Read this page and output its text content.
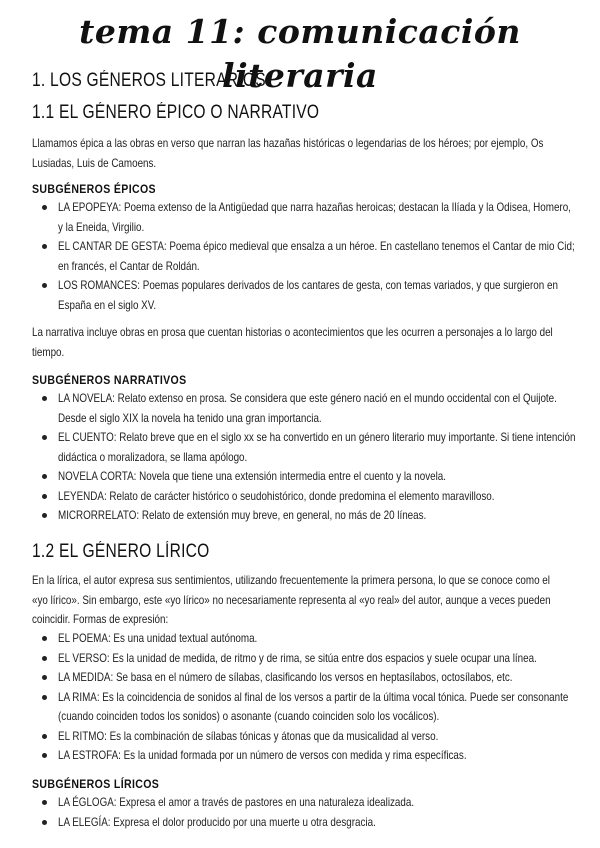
tema 11: comunicación literaria
1. LOS GÉNEROS LITERARIOS
1.1 EL GÉNERO ÉPICO O NARRATIVO
Llamamos épica a las obras en verso que narran las hazañas históricas o legendarias de los héroes; por ejemplo, Os Lusiadas, Luis de Camoens.
SUBGÉNEROS ÉPICOS
LA EPOPEYA: Poema extenso de la Antigüedad que narra hazañas heroicas; destacan la Ilíada y la Odisea, Homero, y la Eneida, Virgilio.
EL CANTAR DE GESTA: Poema épico medieval que ensalza a un héroe. En castellano tenemos el Cantar de mio Cid; en francés, el Cantar de Roldán.
LOS ROMANCES: Poemas populares derivados de los cantares de gesta, con temas variados, y que surgieron en España en el siglo XV.
La narrativa incluye obras en prosa que cuentan historias o acontecimientos que les ocurren a personajes a lo largo del tiempo.
SUBGÉNEROS NARRATIVOS
LA NOVELA: Relato extenso en prosa. Se considera que este género nació en el mundo occidental con el Quijote. Desde el siglo XIX la novela ha tenido una gran importancia.
EL CUENTO: Relato breve que en el siglo xx se ha convertido en un género literario muy importante. Si tiene intención didáctica o moralizadora, se llama apólogo.
NOVELA CORTA: Novela que tiene una extensión intermedia entre el cuento y la novela.
LEYENDA: Relato de carácter histórico o seudohistórico, donde predomina el elemento maravilloso.
MICRORRELATO: Relato de extensión muy breve, en general, no más de 20 líneas.
1.2 EL GÉNERO LÍRICO
En la lírica, el autor expresa sus sentimientos, utilizando frecuentemente la primera persona, lo que se conoce como el «yo lírico». Sin embargo, este «yo lírico» no necesariamente representa al «yo real» del autor, aunque a veces pueden coincidir. Formas de expresión:
EL POEMA: Es una unidad textual autónoma.
EL VERSO: Es la unidad de medida, de ritmo y de rima, se sitúa entre dos espacios y suele ocupar una línea.
LA MEDIDA: Se basa en el número de sílabas, clasificando los versos en heptasílabos, octosílabos, etc.
LA RIMA: Es la coincidencia de sonidos al final de los versos a partir de la última vocal tónica. Puede ser consonante (cuando coinciden todos los sonidos) o asonante (cuando coinciden solo los vocálicos).
EL RITMO: Es la combinación de sílabas tónicas y átonas que da musicalidad al verso.
LA ESTROFA: Es la unidad formada por un número de versos con medida y rima específicas.
SUBGÉNEROS LÍRICOS
LA ÉGLOGA: Expresa el amor a través de pastores en una naturaleza idealizada.
LA ELEGÍA: Expresa el dolor producido por una muerte u otra desgracia.
